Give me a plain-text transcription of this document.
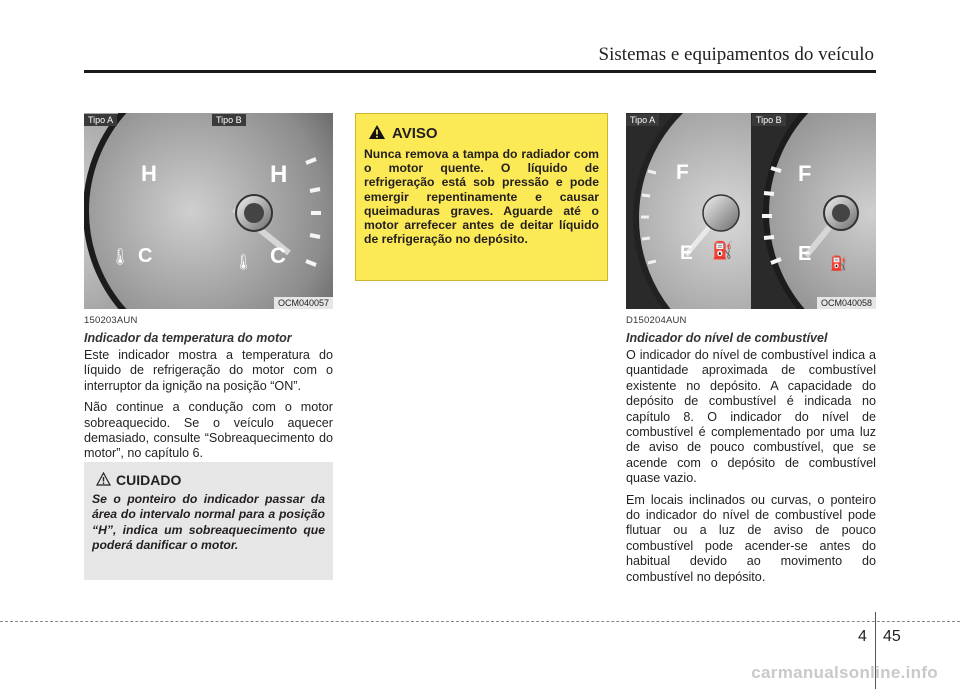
Sistemas e equipamentos do veículo
H
C
🌡
H
C
🌡
Tipo A	Tipo B
OCM040057
150203AUN
Indicador da temperatura do motor

Este indicador mostra a temperatura do líquido de refrigeração do motor com o interruptor da ignição na posição “ON”.

Não continue a condução com o motor sobreaquecido. Se o veículo aquecer demasiado, consulte “Sobreaquecimento do motor”, no capítulo 6.

CUIDADO
Se o ponteiro do indicador passar da área do intervalo normal para a posição “H”, indica um sobreaquecimento que poderá danificar o motor.
AVISO
Nunca remova a tampa do radiador com o motor quente. O líquido de refrigeração está sob pressão e pode emergir repentinamente e causar queimaduras graves. Aguarde até o motor arrefecer antes de deitar líquido de refrigeração no depósito.
F
E ⛽
F
E ⛽
Tipo A	Tipo B
OCM040058
D150204AUN
Indicador do nível de combustível

O indicador do nível de combustível indica a quantidade aproximada de combustível existente no depósito. A capacidade do depósito de combustível é indicada no capítulo 8. O indicador do nível de combustível é complementado por uma luz de aviso de pouco combustível, que se acende com o depósito de combustível quase vazio.

Em locais inclinados ou curvas, o ponteiro do indicador do nível de combustível pode flutuar ou a luz de aviso de pouco combustível pode acender-se antes do habitual devido ao movimento do combustível no depósito.

4 45
carmanualsonline.info
